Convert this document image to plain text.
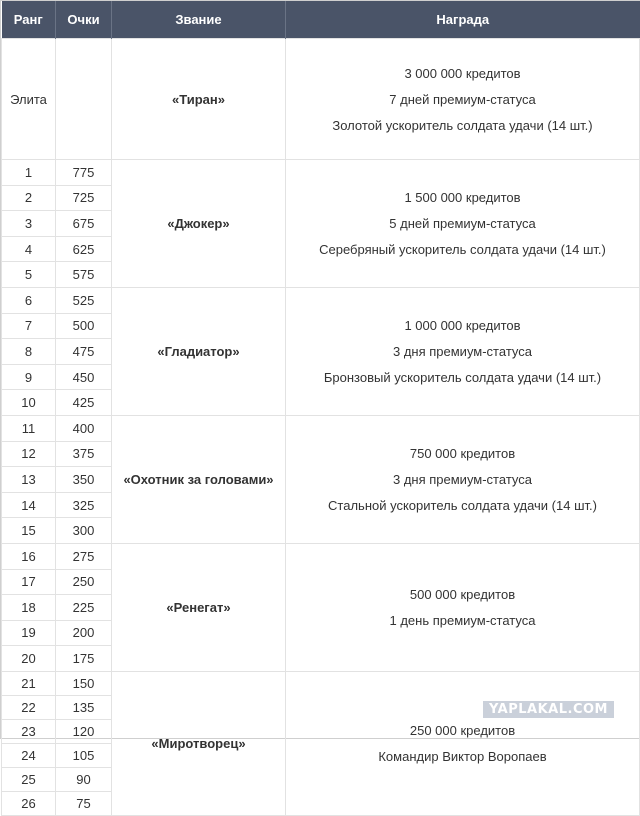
Ранг	Очки	Звание	Награда
Элита		«Тиран»	3 000 000 кредитов
7 дней премиум-статуса
Золотой ускоритель солдата удачи (14 шт.)

1	775	«Джокер»	1 500 000 кредитов
5 дней премиум-статуса
Серебряный ускоритель солдата удачи (14 шт.)

2	725		
3	675		
4	625		
5	575		
6	525	«Гладиатор»	1 000 000 кредитов
3 дня премиум-статуса
Бронзовый ускоритель солдата удачи (14 шт.)

7	500		
8	475		
9	450		
10	425		
11	400	«Охотник за головами»	750 000 кредитов
3 дня премиум-статуса
Стальной ускоритель солдата удачи (14 шт.)

12	375		
13	350		
14	325		
15	300		
16	275	«Ренегат»	500 000 кредитов
1 день премиум-статуса

17	250		
18	225		
19	200		
20	175		
21	150	«Миротворец»	250 000 кредитов
Командир Виктор Воропаев

22	135		
23	120		
24	105		
25	90		
26	75		
YAPLAKAL.COM
